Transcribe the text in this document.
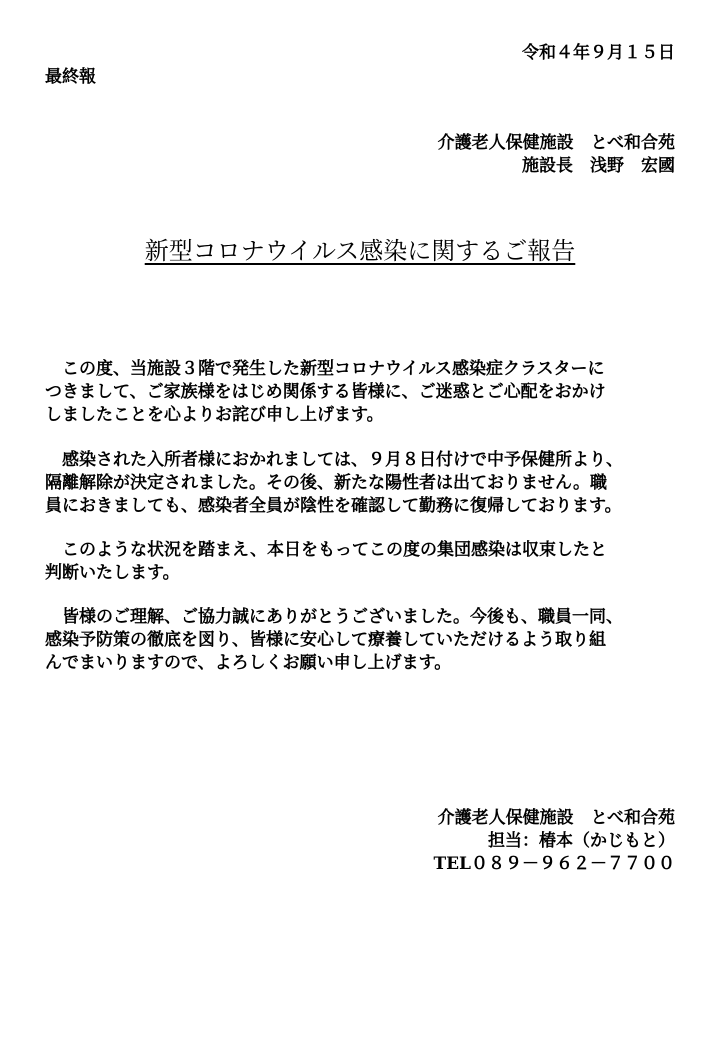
令和４年９月１５日
最終報
介護老人保健施設　とべ和合苑
施設長　浅野　宏國
新型コロナウイルス感染に関するご報告
　この度、当施設３階で発生した新型コロナウイルス感染症クラスターに
つきまして、ご家族様をはじめ関係する皆様に、ご迷惑とご心配をおかけ
しましたことを心よりお詫び申し上げます。
　感染された入所者様におかれましては、９月８日付けで中予保健所より、
隔離解除が決定されました。その後、新たな陽性者は出ておりません。職
員におきましても、感染者全員が陰性を確認して勤務に復帰しております。
　このような状況を踏まえ、本日をもってこの度の集団感染は収束したと
判断いたします。
　皆様のご理解、ご協力誠にありがとうございました。今後も、職員一同、
感染予防策の徹底を図り、皆様に安心して療養していただけるよう取り組
んでまいりますので、よろしくお願い申し上げます。
介護老人保健施設　とべ和合苑
担当：椿本（かじもと）
TEL０８９－９６２－７７００
